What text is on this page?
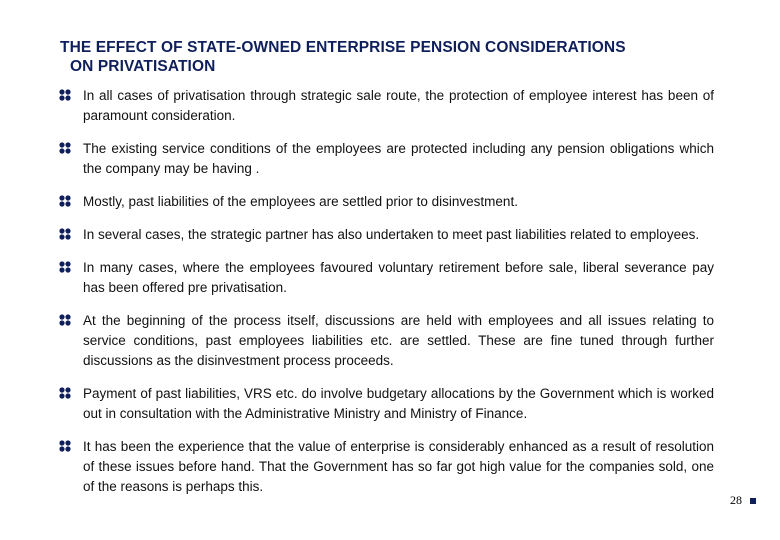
THE EFFECT OF STATE-OWNED ENTERPRISE PENSION CONSIDERATIONS
ON PRIVATISATION
In all cases of privatisation through strategic sale route, the protection of employee interest has been of paramount consideration.
The existing service conditions of the employees are protected including any pension obligations which the company may be having .
Mostly, past liabilities of the employees are settled prior to disinvestment.
In several cases, the strategic partner has also undertaken to meet past liabilities related to employees.
In many cases, where the employees favoured voluntary retirement before sale, liberal severance pay has been offered pre privatisation.
At the beginning of the process itself, discussions are held with employees and all issues relating to service conditions, past employees liabilities etc. are settled. These are fine tuned through further discussions as the disinvestment process proceeds.
Payment of past liabilities, VRS etc. do involve budgetary allocations by the Government which is worked out in consultation with the Administrative Ministry and Ministry of Finance.
It has been the experience that the value of enterprise is considerably enhanced as a result of resolution of these issues before hand. That the Government has so far got high value for the companies sold, one of the reasons is perhaps this.
28
